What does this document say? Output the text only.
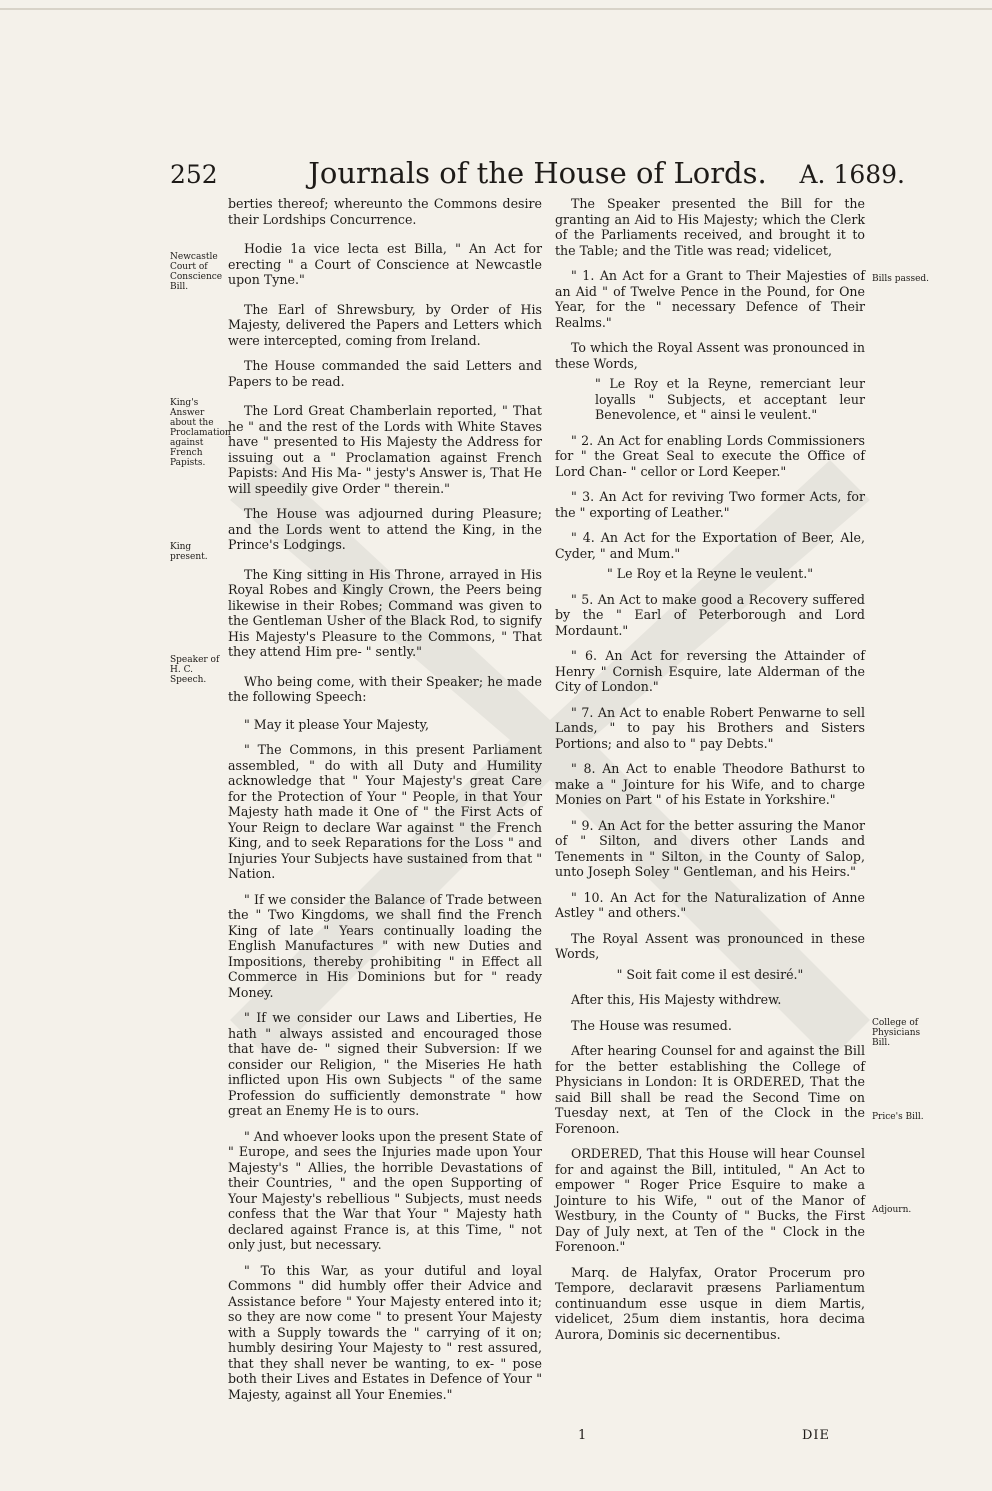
252	Journals of the House of Lords.	A. 1689.
Newcastle Court of Conscience Bill.
King's Answer about the Proclamation against French Papists.
King present.
Speaker of H. C. Speech.
Bills passed.
College of Physicians Bill.
Price's Bill.
Adjourn.

berties thereof; whereunto the Commons desire their Lordships Concurrence.

Hodie 1a vice lecta est Billa, " An Act for erecting " a Court of Conscience at Newcastle upon Tyne."

The Earl of Shrewsbury, by Order of His Majesty, delivered the Papers and Letters which were intercepted, coming from Ireland.

The House commanded the said Letters and Papers to be read.

The Lord Great Chamberlain reported, " That he " and the rest of the Lords with White Staves have " presented to His Majesty the Address for issuing out a " Proclamation against French Papists: And His Ma- " jesty's Answer is, That He will speedily give Order " therein."

The House was adjourned during Pleasure; and the Lords went to attend the King, in the Prince's Lodgings.

The King sitting in His Throne, arrayed in His Royal Robes and Kingly Crown, the Peers being likewise in their Robes; Command was given to the Gentleman Usher of the Black Rod, to signify His Majesty's Pleasure to the Commons, " That they attend Him pre- " sently."

Who being come, with their Speaker; he made the following Speech:

" May it please Your Majesty,

" The Commons, in this present Parliament assembled, " do with all Duty and Humility acknowledge that " Your Majesty's great Care for the Protection of Your " People, in that Your Majesty hath made it One of " the First Acts of Your Reign to declare War against " the French King, and to seek Reparations for the Loss " and Injuries Your Subjects have sustained from that " Nation.

" If we consider the Balance of Trade between the " Two Kingdoms, we shall find the French King of late " Years continually loading the English Manufactures " with new Duties and Impositions, thereby prohibiting " in Effect all Commerce in His Dominions but for " ready Money.

" If we consider our Laws and Liberties, He hath " always assisted and encouraged those that have de- " signed their Subversion: If we consider our Religion, " the Miseries He hath inflicted upon His own Subjects " of the same Profession do sufficiently demonstrate " how great an Enemy He is to ours.

" And whoever looks upon the present State of " Europe, and sees the Injuries made upon Your Majesty's " Allies, the horrible Devastations of their Countries, " and the open Supporting of Your Majesty's rebellious " Subjects, must needs confess that the War that Your " Majesty hath declared against France is, at this Time, " not only just, but necessary.

" To this War, as your dutiful and loyal Commons " did humbly offer their Advice and Assistance before " Your Majesty entered into it; so they are now come " to present Your Majesty with a Supply towards the " carrying of it on; humbly desiring Your Majesty to " rest assured, that they shall never be wanting, to ex- " pose both their Lives and Estates in Defence of Your " Majesty, against all Your Enemies."

The Speaker presented the Bill for the granting an Aid to His Majesty; which the Clerk of the Parliaments received, and brought it to the Table; and the Title was read; videlicet,

" 1. An Act for a Grant to Their Majesties of an Aid " of Twelve Pence in the Pound, for One Year, for the " necessary Defence of Their Realms."

To which the Royal Assent was pronounced in these Words,

" Le Roy et la Reyne, remerciant leur loyalls " Subjects, et acceptant leur Benevolence, et " ainsi le veulent."

" 2. An Act for enabling Lords Commissioners for " the Great Seal to execute the Office of Lord Chan- " cellor or Lord Keeper."

" 3. An Act for reviving Two former Acts, for the " exporting of Leather."

" 4. An Act for the Exportation of Beer, Ale, Cyder, " and Mum."

" Le Roy et la Reyne le veulent."

" 5. An Act to make good a Recovery suffered by the " Earl of Peterborough and Lord Mordaunt."

" 6. An Act for reversing the Attainder of Henry " Cornish Esquire, late Alderman of the City of London."

" 7. An Act to enable Robert Penwarne to sell Lands, " to pay his Brothers and Sisters Portions; and also to " pay Debts."

" 8. An Act to enable Theodore Bathurst to make a " Jointure for his Wife, and to charge Monies on Part " of his Estate in Yorkshire."

" 9. An Act for the better assuring the Manor of " Silton, and divers other Lands and Tenements in " Silton, in the County of Salop, unto Joseph Soley " Gentleman, and his Heirs."

" 10. An Act for the Naturalization of Anne Astley " and others."

The Royal Assent was pronounced in these Words,

" Soit fait come il est desiré."

After this, His Majesty withdrew.

The House was resumed.

After hearing Counsel for and against the Bill for the better establishing the College of Physicians in London: It is ORDERED, That the said Bill shall be read the Second Time on Tuesday next, at Ten of the Clock in the Forenoon.

ORDERED, That this House will hear Counsel for and against the Bill, intituled, " An Act to empower " Roger Price Esquire to make a Jointure to his Wife, " out of the Manor of Westbury, in the County of " Bucks, the First Day of July next, at Ten of the " Clock in the Forenoon."

Marq. de Halyfax, Orator Procerum pro Tempore, declaravit præsens Parliamentum continuandum esse usque in diem Martis, videlicet, 25um diem instantis, hora decima Aurora, Dominis sic decernentibus.

1	DIE
